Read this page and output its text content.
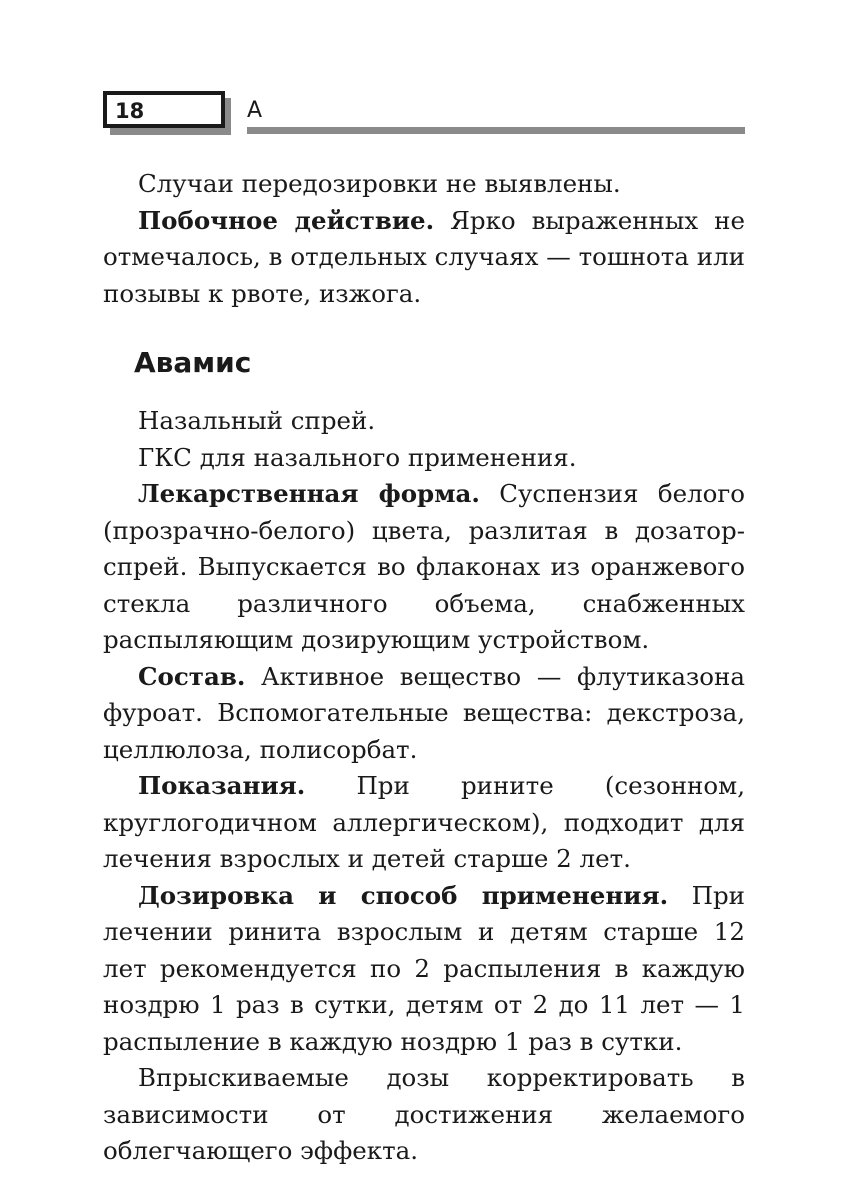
18	А

Случаи передозировки не выявлены.

Побочное действие. Ярко выраженных не отмечалось, в отдельных случаях — тошнота или позывы к рвоте, изжога.

Авамис

Назальный спрей.

ГКС для назального применения.

Лекарственная форма. Суспензия белого (прозрачно-белого) цвета, разлитая в дозатор-спрей. Выпускается во флаконах из оранжевого стекла различного объема, снабженных распыляющим дозирующим устройством.

Состав. Активное вещество — флутиказона фуроат. Вспомогательные вещества: декстроза, целлюлоза, полисорбат.

Показания. При рините (сезонном, круглогодичном аллергическом), подходит для лечения взрослых и детей старше 2 лет.

Дозировка и способ применения. При лечении ринита взрослым и детям старше 12 лет рекомендуется по 2 распыления в каждую ноздрю 1 раз в сутки, детям от 2 до 11 лет — 1 распыление в каждую ноздрю 1 раз в сутки.

Впрыскиваемые дозы корректировать в зависимости от достижения желаемого облегчающего эффекта.
